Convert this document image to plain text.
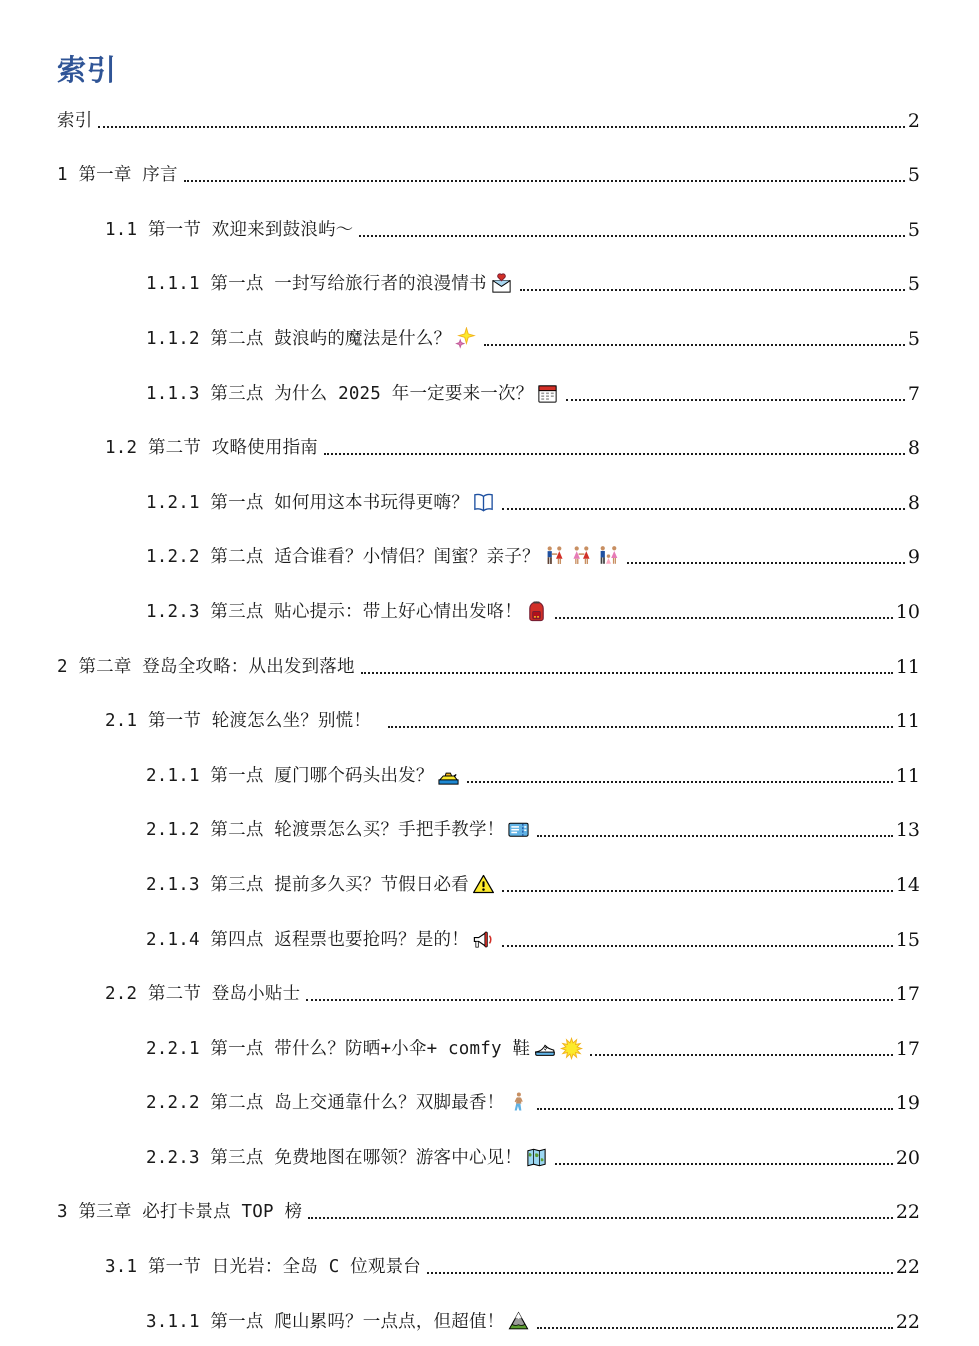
索引
索引	2
1 第一章 序言	5
1.1 第一节 欢迎来到鼓浪屿～	5
1.1.1 第一点 一封写给旅行者的浪漫情书	5
1.1.2 第二点 鼓浪屿的魔法是什么？	5
1.1.3 第三点 为什么 2025 年一定要来一次？	7
1.2 第二节 攻略使用指南	8
1.2.1 第一点 如何用这本书玩得更嗨？	8
1.2.2 第二点 适合谁看？小情侣？闺蜜？亲子？	9
1.2.3 第三点 贴心提示：带上好心情出发咯！	10
2 第二章 登岛全攻略：从出发到落地	11
2.1 第一节 轮渡怎么坐？别慌！	11
2.1.1 第一点 厦门哪个码头出发？	11
2.1.2 第二点 轮渡票怎么买？手把手教学！	13
2.1.3 第三点 提前多久买？节假日必看	14
2.1.4 第四点 返程票也要抢吗？是的！	15
2.2 第二节 登岛小贴士	17
2.2.1 第一点 带什么？防晒+小伞+ comfy 鞋	17
2.2.2 第二点 岛上交通靠什么？双脚最香！	19
2.2.3 第三点 免费地图在哪领？游客中心见！	20
3 第三章 必打卡景点 TOP 榜	22
3.1 第一节 日光岩：全岛 C 位观景台	22
3.1.1 第一点 爬山累吗？一点点，但超值！	22
